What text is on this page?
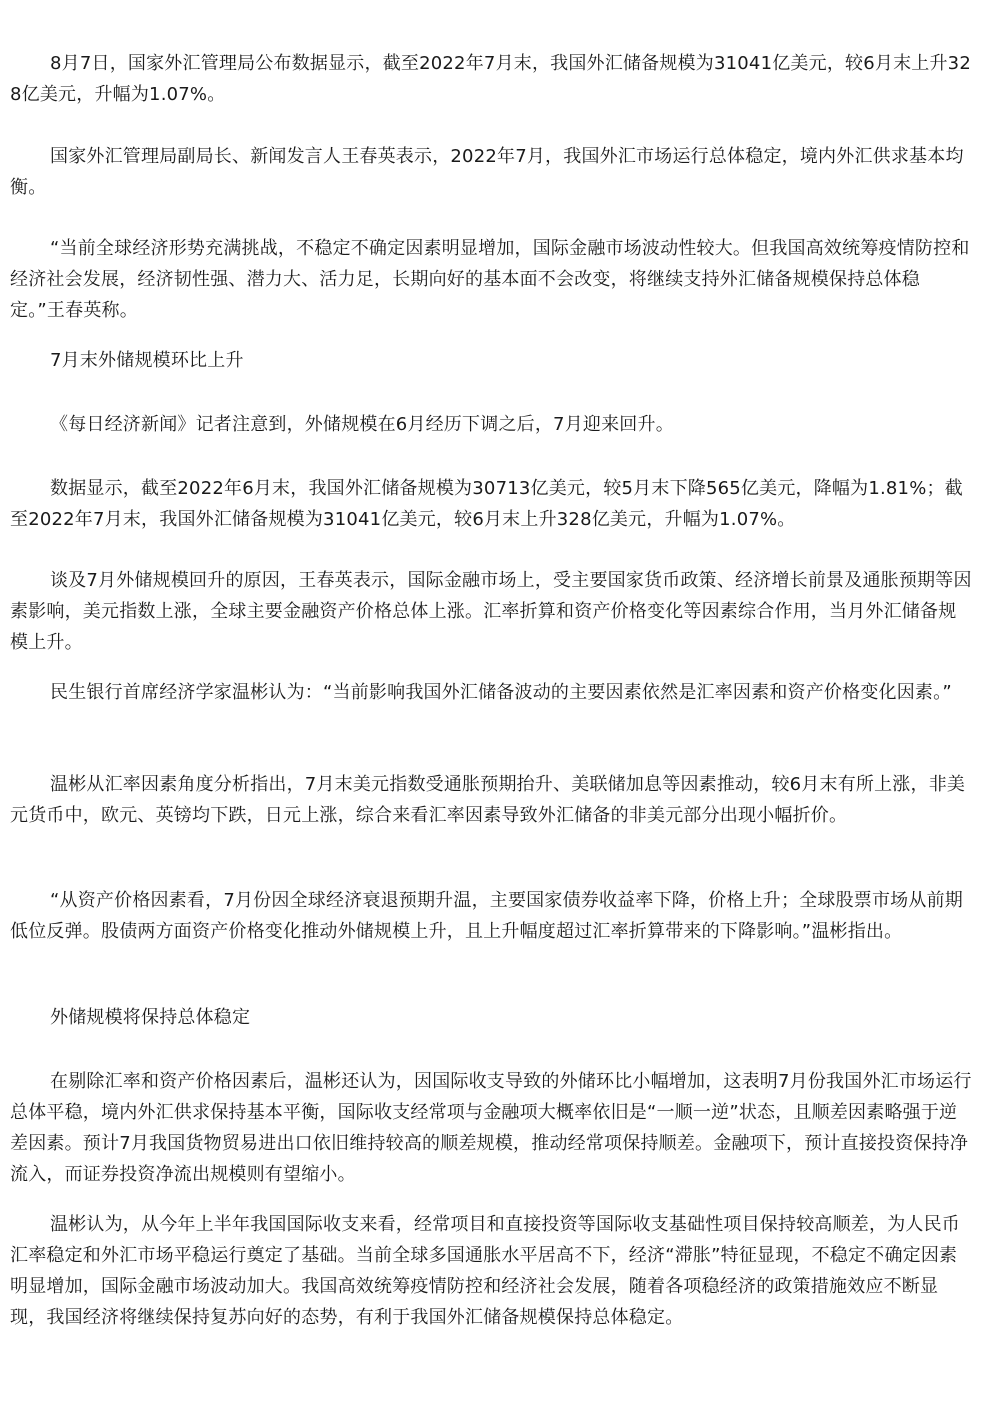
8月7日，国家外汇管理局公布数据显示，截至2022年7月末，我国外汇储备规模为31041亿美元，较6月末上升328亿美元，升幅为1.07%。

国家外汇管理局副局长、新闻发言人王春英表示，2022年7月，我国外汇市场运行总体稳定，境内外汇供求基本均衡。

“当前全球经济形势充满挑战，不稳定不确定因素明显增加，国际金融市场波动性较大。但我国高效统筹疫情防控和经济社会发展，经济韧性强、潜力大、活力足，长期向好的基本面不会改变，将继续支持外汇储备规模保持总体稳定。”王春英称。

7月末外储规模环比上升

《每日经济新闻》记者注意到，外储规模在6月经历下调之后，7月迎来回升。

数据显示，截至2022年6月末，我国外汇储备规模为30713亿美元，较5月末下降565亿美元，降幅为1.81%；截至2022年7月末，我国外汇储备规模为31041亿美元，较6月末上升328亿美元，升幅为1.07%。

谈及7月外储规模回升的原因，王春英表示，国际金融市场上，受主要国家货币政策、经济增长前景及通胀预期等因素影响，美元指数上涨，全球主要金融资产价格总体上涨。汇率折算和资产价格变化等因素综合作用，当月外汇储备规模上升。

民生银行首席经济学家温彬认为：“当前影响我国外汇储备波动的主要因素依然是汇率因素和资产价格变化因素。”

温彬从汇率因素角度分析指出，7月末美元指数受通胀预期抬升、美联储加息等因素推动，较6月末有所上涨，非美元货币中，欧元、英镑均下跌，日元上涨，综合来看汇率因素导致外汇储备的非美元部分出现小幅折价。

“从资产价格因素看，7月份因全球经济衰退预期升温，主要国家债券收益率下降，价格上升；全球股票市场从前期低位反弹。股债两方面资产价格变化推动外储规模上升，且上升幅度超过汇率折算带来的下降影响。”温彬指出。

外储规模将保持总体稳定

在剔除汇率和资产价格因素后，温彬还认为，因国际收支导致的外储环比小幅增加，这表明7月份我国外汇市场运行总体平稳，境内外汇供求保持基本平衡，国际收支经常项与金融项大概率依旧是“一顺一逆”状态，且顺差因素略强于逆差因素。预计7月我国货物贸易进出口依旧维持较高的顺差规模，推动经常项保持顺差。金融项下，预计直接投资保持净流入，而证券投资净流出规模则有望缩小。

温彬认为，从今年上半年我国国际收支来看，经常项目和直接投资等国际收支基础性项目保持较高顺差，为人民币汇率稳定和外汇市场平稳运行奠定了基础。当前全球多国通胀水平居高不下，经济“滞胀”特征显现，不稳定不确定因素明显增加，国际金融市场波动加大。我国高效统筹疫情防控和经济社会发展，随着各项稳经济的政策措施效应不断显现，我国经济将继续保持复苏向好的态势，有利于我国外汇储备规模保持总体稳定。
